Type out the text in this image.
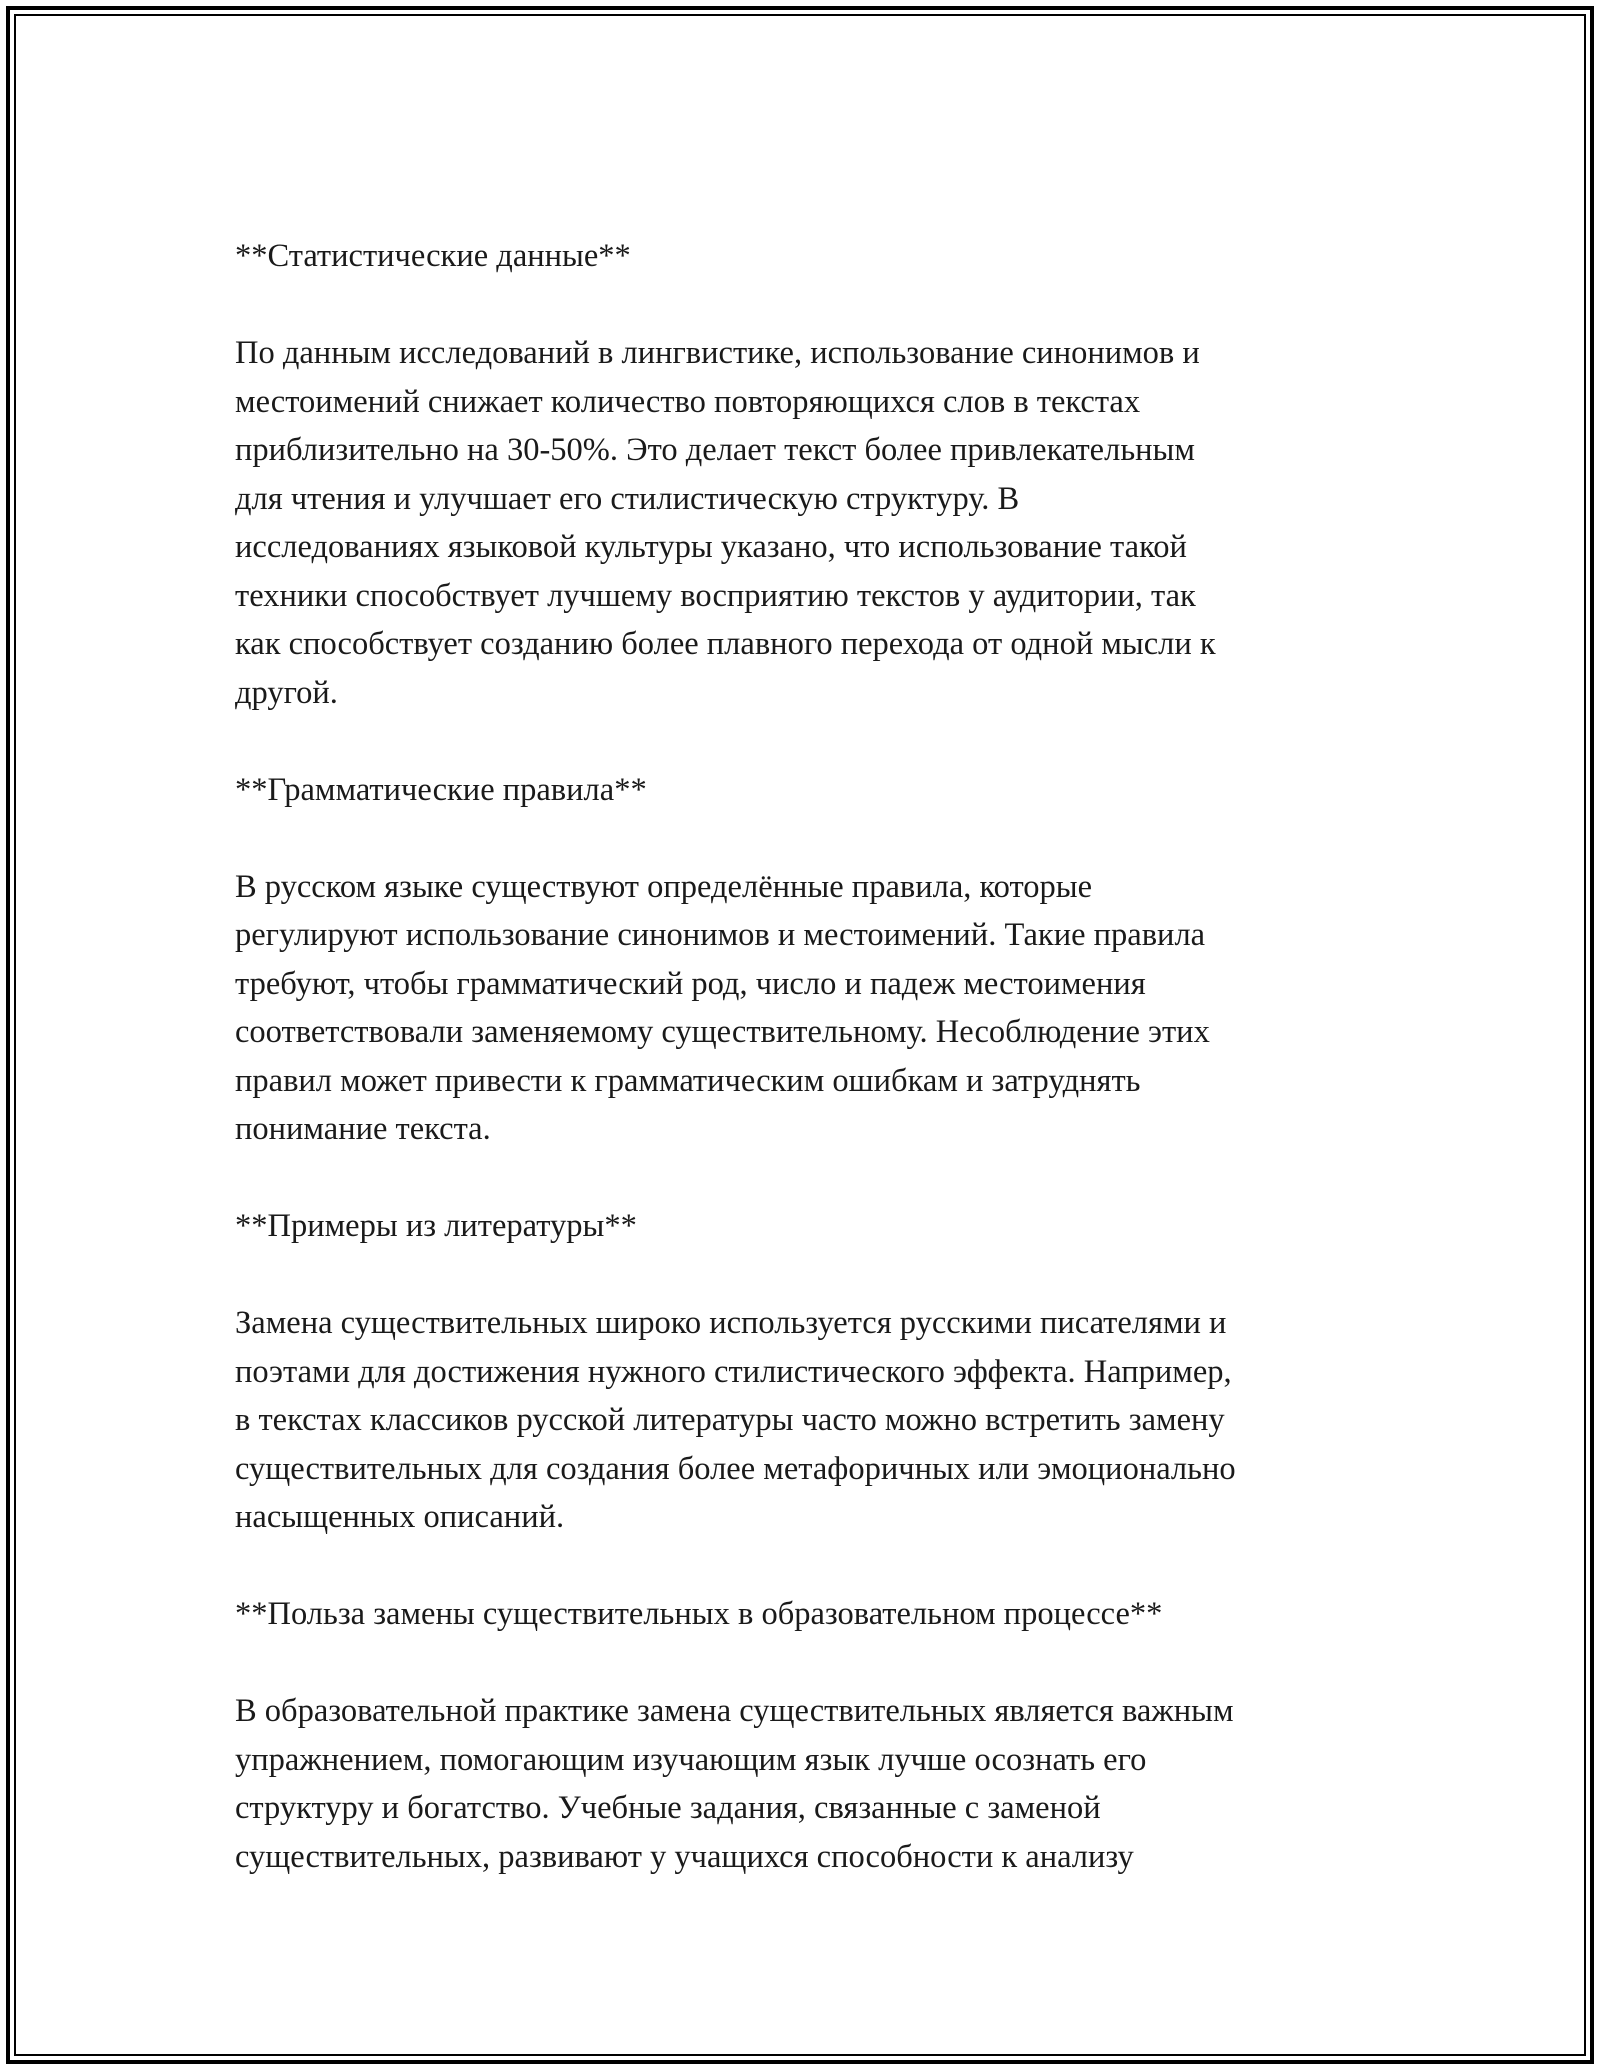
**Статистические данные**

По данным исследований в лингвистике, использование синонимов и
местоимений снижает количество повторяющихся слов в текстах
приблизительно на 30-50%. Это делает текст более привлекательным
для чтения и улучшает его стилистическую структуру. В
исследованиях языковой культуры указано, что использование такой
техники способствует лучшему восприятию текстов у аудитории, так
как способствует созданию более плавного перехода от одной мысли к
другой.

**Грамматические правила**

В русском языке существуют определённые правила, которые
регулируют использование синонимов и местоимений. Такие правила
требуют, чтобы грамматический род, число и падеж местоимения
соответствовали заменяемому существительному. Несоблюдение этих
правил может привести к грамматическим ошибкам и затруднять
понимание текста.

**Примеры из литературы**

Замена существительных широко используется русскими писателями и
поэтами для достижения нужного стилистического эффекта. Например,
в текстах классиков русской литературы часто можно встретить замену
существительных для создания более метафоричных или эмоционально
насыщенных описаний.

**Польза замены существительных в образовательном процессе**

В образовательной практике замена существительных является важным
упражнением, помогающим изучающим язык лучше осознать его
структуру и богатство. Учебные задания, связанные с заменой
существительных, развивают у учащихся способности к анализу
